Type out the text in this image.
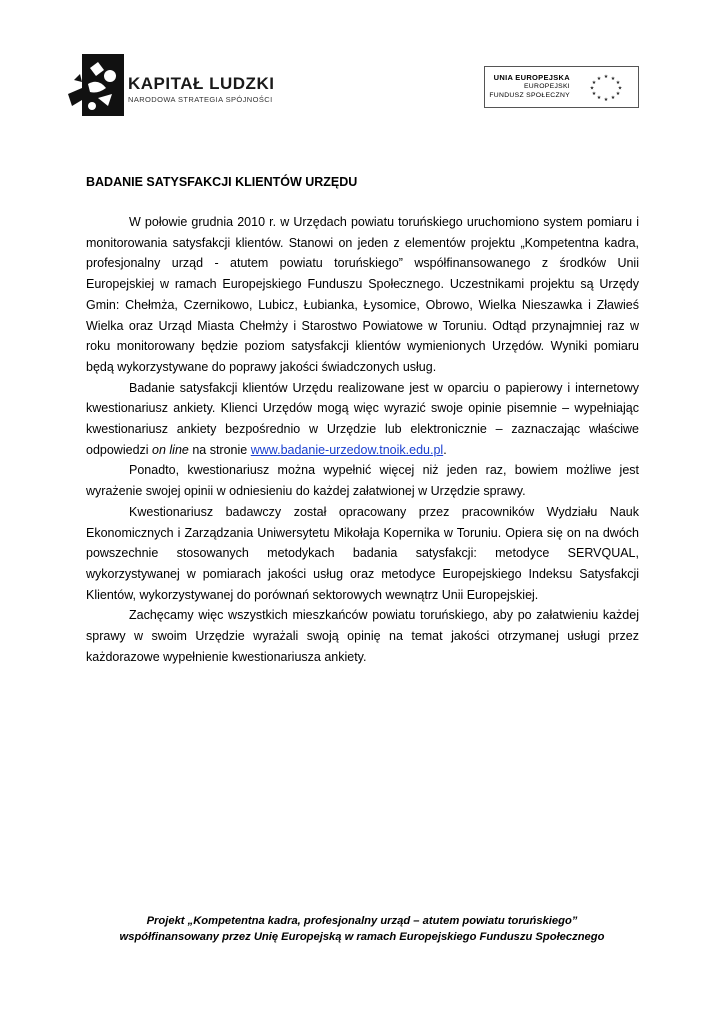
KAPITAŁ LUDZKI
NARODOWA STRATEGIA SPÓJNOŚCI
UNIA EUROPEJSKA
EUROPEJSKI
FUNDUSZ SPOŁECZNY
★ ★
★
★
★
★
★
★
★
★
★
★
BADANIE SATYSFAKCJI KLIENTÓW URZĘDU

W połowie grudnia 2010 r. w Urzędach powiatu toruńskiego uruchomiono system pomiaru i monitorowania satysfakcji klientów. Stanowi on jeden z elementów projektu „Kompetentna kadra, profesjonalny urząd - atutem powiatu toruńskiego” współfinansowanego z środków Unii Europejskiej w ramach Europejskiego Funduszu Społecznego. Uczestnikami projektu są Urzędy Gmin: Chełmża, Czernikowo, Lubicz, Łubianka, Łysomice, Obrowo, Wielka Nieszawka i Zławieś Wielka oraz Urząd Miasta Chełmży i Starostwo Powiatowe w Toruniu. Odtąd przynajmniej raz w roku monitorowany będzie poziom satysfakcji klientów wymienionych Urzędów. Wyniki pomiaru będą wykorzystywane do poprawy jakości świadczonych usług.

Badanie satysfakcji klientów Urzędu realizowane jest w oparciu o papierowy i internetowy kwestionariusz ankiety. Klienci Urzędów mogą więc wyrazić swoje opinie pisemnie – wypełniając kwestionariusz ankiety bezpośrednio w Urzędzie lub elektronicznie – zaznaczając właściwe odpowiedzi on line na stronie www.badanie-urzedow.tnoik.edu.pl.

Ponadto, kwestionariusz można wypełnić więcej niż jeden raz, bowiem możliwe jest wyrażenie swojej opinii w odniesieniu do każdej załatwionej w Urzędzie sprawy.

Kwestionariusz badawczy został opracowany przez pracowników Wydziału Nauk Ekonomicznych i Zarządzania Uniwersytetu Mikołaja Kopernika w Toruniu. Opiera się on na dwóch powszechnie stosowanych metodykach badania satysfakcji: metodyce SERVQUAL, wykorzystywanej w pomiarach jakości usług oraz metodyce Europejskiego Indeksu Satysfakcji Klientów, wykorzystywanej do porównań sektorowych wewnątrz Unii Europejskiej.

Zachęcamy więc wszystkich mieszkańców powiatu toruńskiego, aby po załatwieniu każdej sprawy w swoim Urzędzie wyrażali swoją opinię na temat jakości otrzymanej usługi przez każdorazowe wypełnienie kwestionariusza ankiety.

Projekt „Kompetentna kadra, profesjonalny urząd – atutem powiatu toruńskiego”
współfinansowany przez Unię Europejską w ramach Europejskiego Funduszu Społecznego
